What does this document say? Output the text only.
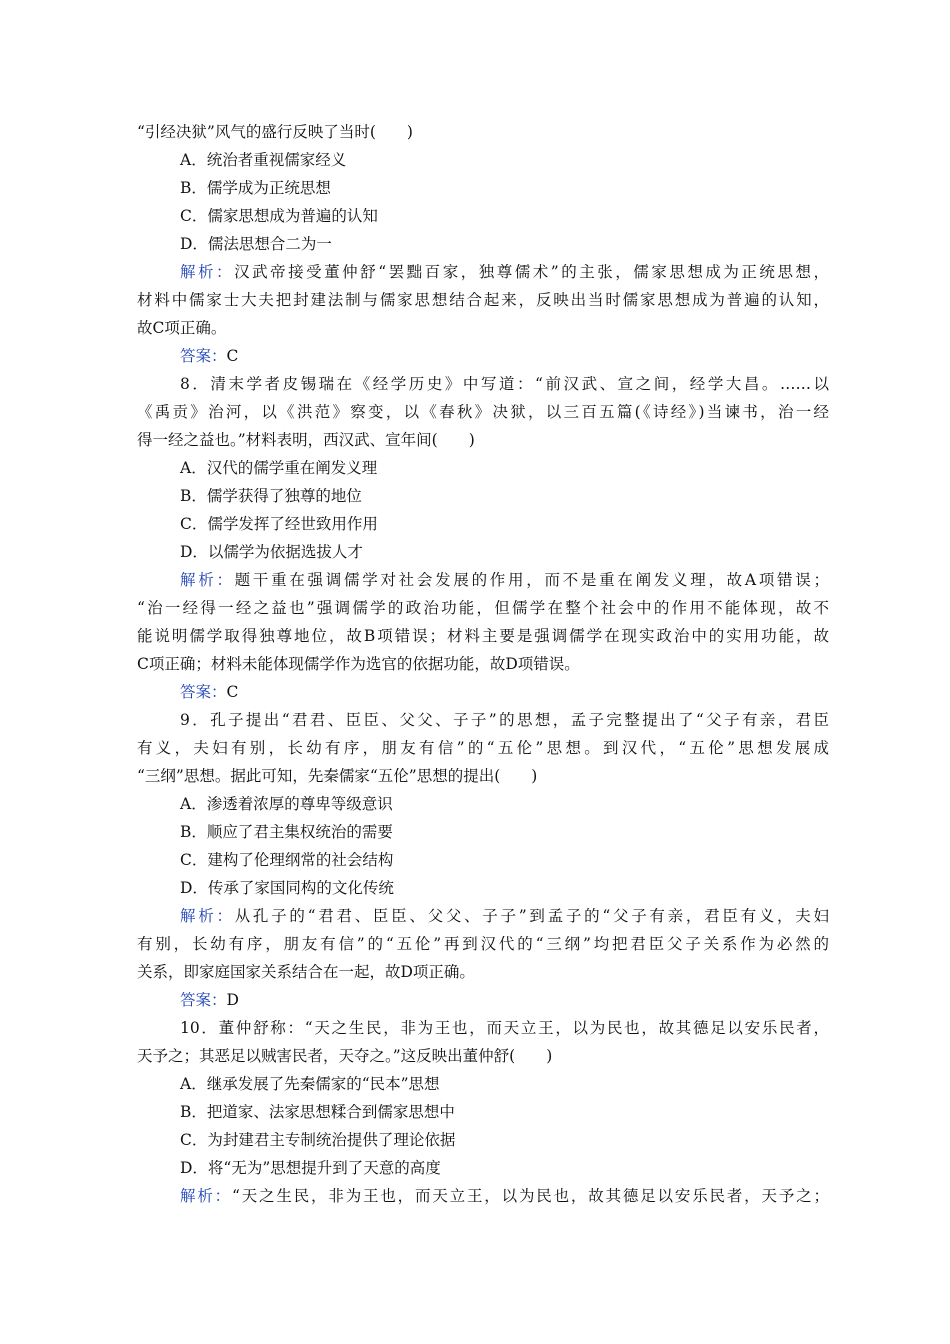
“引经决狱”风气的盛行反映了当时(　　)
A．统治者重视儒家经义
B．儒学成为正统思想
C．儒家思想成为普遍的认知
D．儒法思想合二为一
解析：汉武帝接受董仲舒“罢黜百家，独尊儒术”的主张，儒家思想成为正统思想，
材料中儒家士大夫把封建法制与儒家思想结合起来，反映出当时儒家思想成为普遍的认知，
故C项正确。
答案：C
8．清末学者皮锡瑞在《经学历史》中写道：“前汉武、宣之间，经学大昌。……以
《禹贡》治河，以《洪范》察变，以《春秋》决狱，以三百五篇(《诗经》)当谏书，治一经
得一经之益也。”材料表明，西汉武、宣年间(　　)
A．汉代的儒学重在阐发义理
B．儒学获得了独尊的地位
C．儒学发挥了经世致用作用
D．以儒学为依据选拔人才
解析：题干重在强调儒学对社会发展的作用，而不是重在阐发义理，故A项错误；
“治一经得一经之益也”强调儒学的政治功能，但儒学在整个社会中的作用不能体现，故不
能说明儒学取得独尊地位，故B项错误；材料主要是强调儒学在现实政治中的实用功能，故
C项正确；材料未能体现儒学作为选官的依据功能，故D项错误。
答案：C
9．孔子提出“君君、臣臣、父父、子子”的思想，孟子完整提出了“父子有亲，君臣
有义，夫妇有别，长幼有序，朋友有信”的“五伦”思想。到汉代，“五伦”思想发展成
“三纲”思想。据此可知，先秦儒家“五伦”思想的提出(　　)
A．渗透着浓厚的尊卑等级意识
B．顺应了君主集权统治的需要
C．建构了伦理纲常的社会结构
D．传承了家国同构的文化传统
解析：从孔子的“君君、臣臣、父父、子子”到孟子的“父子有亲，君臣有义，夫妇
有别，长幼有序，朋友有信”的“五伦”再到汉代的“三纲”均把君臣父子关系作为必然的
关系，即家庭国家关系结合在一起，故D项正确。
答案：D
10．董仲舒称：“天之生民，非为王也，而天立王，以为民也，故其德足以安乐民者，
天予之；其恶足以贼害民者，天夺之。”这反映出董仲舒(　　)
A．继承发展了先秦儒家的“民本”思想
B．把道家、法家思想糅合到儒家思想中
C．为封建君主专制统治提供了理论依据
D．将“无为”思想提升到了天意的高度
解析：“天之生民，非为王也，而天立王，以为民也，故其德足以安乐民者，天予之；
